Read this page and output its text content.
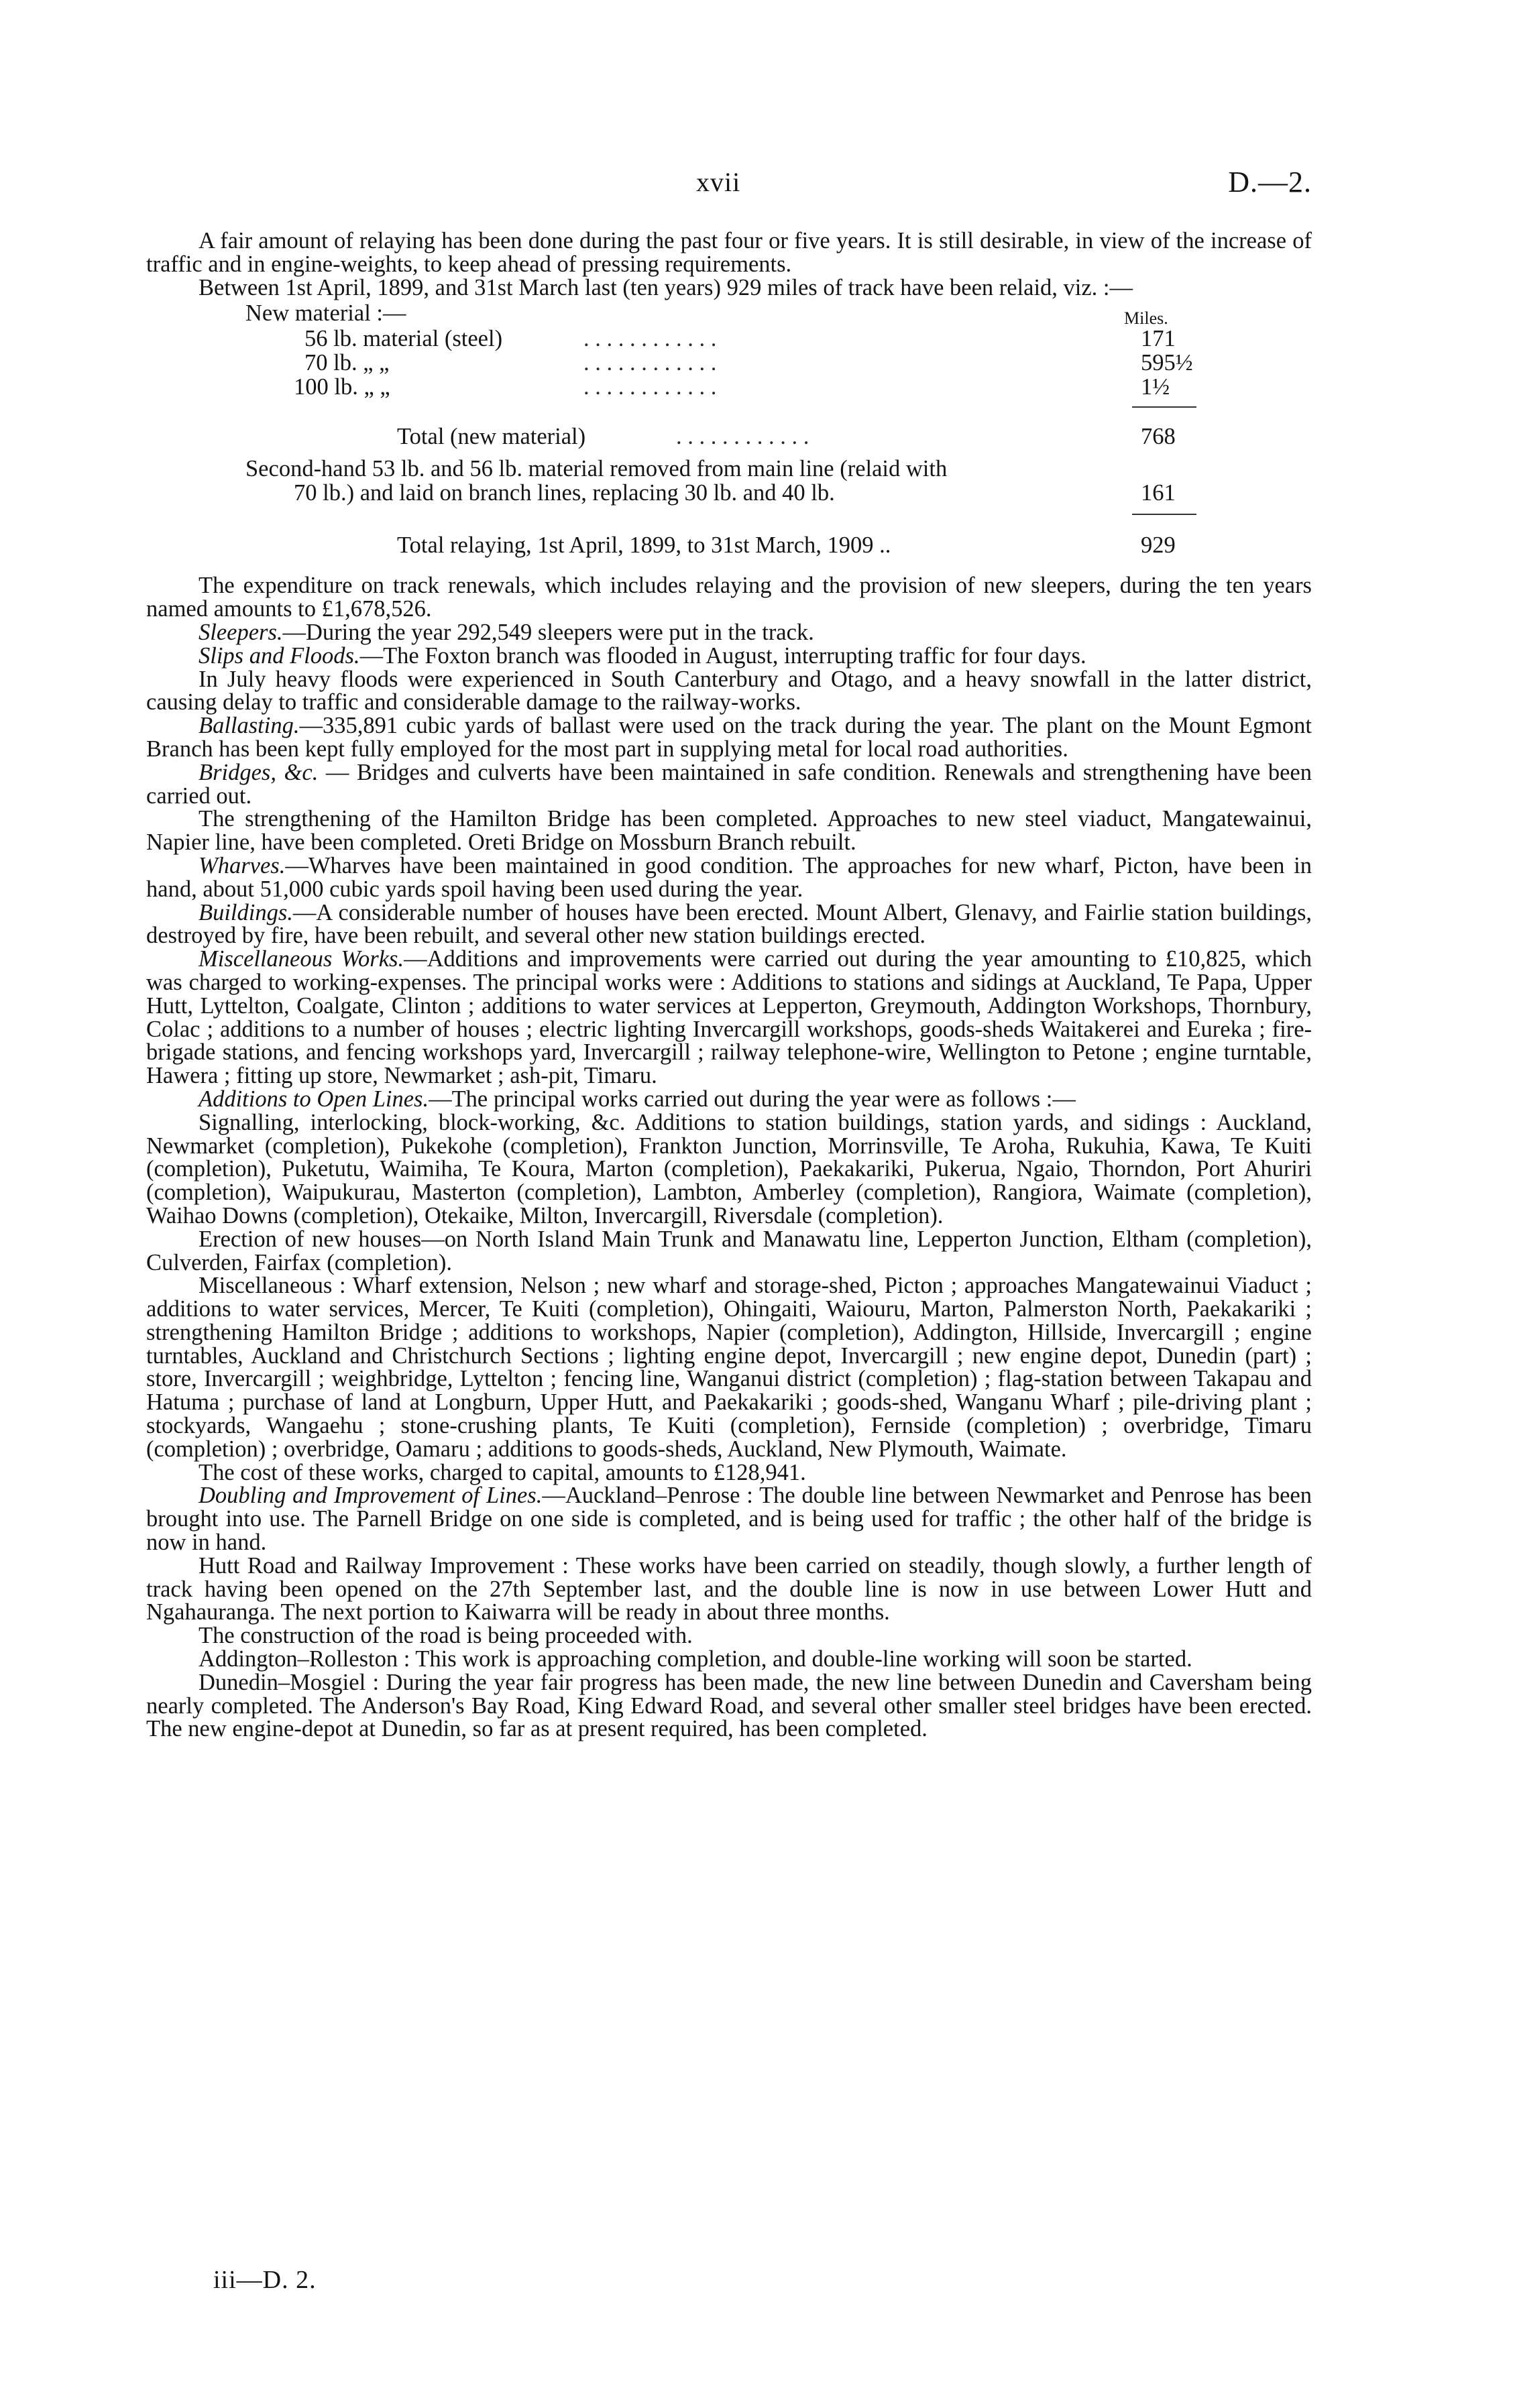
xvii	D.—2.

A fair amount of relaying has been done during the past four or five years. It is still desirable, in view of the increase of traffic and in engine-weights, to keep ahead of pressing requirements.

Between 1st April, 1899, and 31st March last (ten years) 929 miles of track have been relaid, viz. :—

New material :—	Miles.
56 lb. material (steel)	. . . . . . . . . . . .	171
70 lb. „ „	. . . . . . . . . . . .	595½
100 lb. „ „	. . . . . . . . . . . .	1½
Total (new material)	. . . . . . . . . . . .	768
Second-hand 53 lb. and 56 lb. material removed from main line (relaid with
70 lb.) and laid on branch lines, replacing 30 lb. and 40 lb.	161
Total relaying, 1st April, 1899, to 31st March, 1909 ..	929

The expenditure on track renewals, which includes relaying and the provision of new sleepers, during the ten years named amounts to £1,678,526.

Sleepers.—During the year 292,549 sleepers were put in the track.

Slips and Floods.—The Foxton branch was flooded in August, interrupting traffic for four days.

In July heavy floods were experienced in South Canterbury and Otago, and a heavy snowfall in the latter district, causing delay to traffic and considerable damage to the railway-works.

Ballasting.—335,891 cubic yards of ballast were used on the track during the year. The plant on the Mount Egmont Branch has been kept fully employed for the most part in supplying metal for local road authorities.

Bridges, &c. — Bridges and culverts have been maintained in safe condition. Renewals and strengthening have been carried out.

The strengthening of the Hamilton Bridge has been completed. Approaches to new steel viaduct, Mangatewainui, Napier line, have been completed. Oreti Bridge on Mossburn Branch rebuilt.

Wharves.—Wharves have been maintained in good condition. The approaches for new wharf, Picton, have been in hand, about 51,000 cubic yards spoil having been used during the year.

Buildings.—A considerable number of houses have been erected. Mount Albert, Glenavy, and Fairlie station buildings, destroyed by fire, have been rebuilt, and several other new station buildings erected.

Miscellaneous Works.—Additions and improvements were carried out during the year amounting to £10,825, which was charged to working-expenses. The principal works were : Additions to stations and sidings at Auckland, Te Papa, Upper Hutt, Lyttelton, Coalgate, Clinton ; additions to water services at Lepperton, Greymouth, Addington Workshops, Thornbury, Colac ; additions to a number of houses ; electric lighting Invercargill workshops, goods-sheds Waitakerei and Eureka ; fire-brigade stations, and fencing workshops yard, Invercargill ; railway telephone-wire, Wellington to Petone ; engine turntable, Hawera ; fitting up store, Newmarket ; ash-pit, Timaru.

Additions to Open Lines.—The principal works carried out during the year were as follows :—

Signalling, interlocking, block-working, &c. Additions to station buildings, station yards, and sidings : Auckland, Newmarket (completion), Pukekohe (completion), Frankton Junction, Morrinsville, Te Aroha, Rukuhia, Kawa, Te Kuiti (completion), Puketutu, Waimiha, Te Koura, Marton (completion), Paekakariki, Pukerua, Ngaio, Thorndon, Port Ahuriri (completion), Waipukurau, Masterton (completion), Lambton, Amberley (completion), Rangiora, Waimate (completion), Waihao Downs (completion), Otekaike, Milton, Invercargill, Riversdale (completion).

Erection of new houses—on North Island Main Trunk and Manawatu line, Lepperton Junction, Eltham (completion), Culverden, Fairfax (completion).

Miscellaneous : Wharf extension, Nelson ; new wharf and storage-shed, Picton ; approaches Mangatewainui Viaduct ; additions to water services, Mercer, Te Kuiti (completion), Ohingaiti, Waiouru, Marton, Palmerston North, Paekakariki ; strengthening Hamilton Bridge ; additions to workshops, Napier (completion), Addington, Hillside, Invercargill ; engine turntables, Auckland and Christchurch Sections ; lighting engine depot, Invercargill ; new engine depot, Dunedin (part) ; store, Invercargill ; weighbridge, Lyttelton ; fencing line, Wanganui district (completion) ; flag-station between Takapau and Hatuma ; purchase of land at Longburn, Upper Hutt, and Paekakariki ; goods-shed, Wanganu Wharf ; pile-driving plant ; stockyards, Wangaehu ; stone-crushing plants, Te Kuiti (completion), Fernside (completion) ; overbridge, Timaru (completion) ; overbridge, Oamaru ; additions to goods-sheds, Auckland, New Plymouth, Waimate.

The cost of these works, charged to capital, amounts to £128,941.

Doubling and Improvement of Lines.—Auckland–Penrose : The double line between Newmarket and Penrose has been brought into use. The Parnell Bridge on one side is completed, and is being used for traffic ; the other half of the bridge is now in hand.

Hutt Road and Railway Improvement : These works have been carried on steadily, though slowly, a further length of track having been opened on the 27th September last, and the double line is now in use between Lower Hutt and Ngahauranga. The next portion to Kaiwarra will be ready in about three months.

The construction of the road is being proceeded with.

Addington–Rolleston : This work is approaching completion, and double-line working will soon be started.

Dunedin–Mosgiel : During the year fair progress has been made, the new line between Dunedin and Caversham being nearly completed. The Anderson's Bay Road, King Edward Road, and several other smaller steel bridges have been erected. The new engine-depot at Dunedin, so far as at present required, has been completed.

iii—D. 2.
